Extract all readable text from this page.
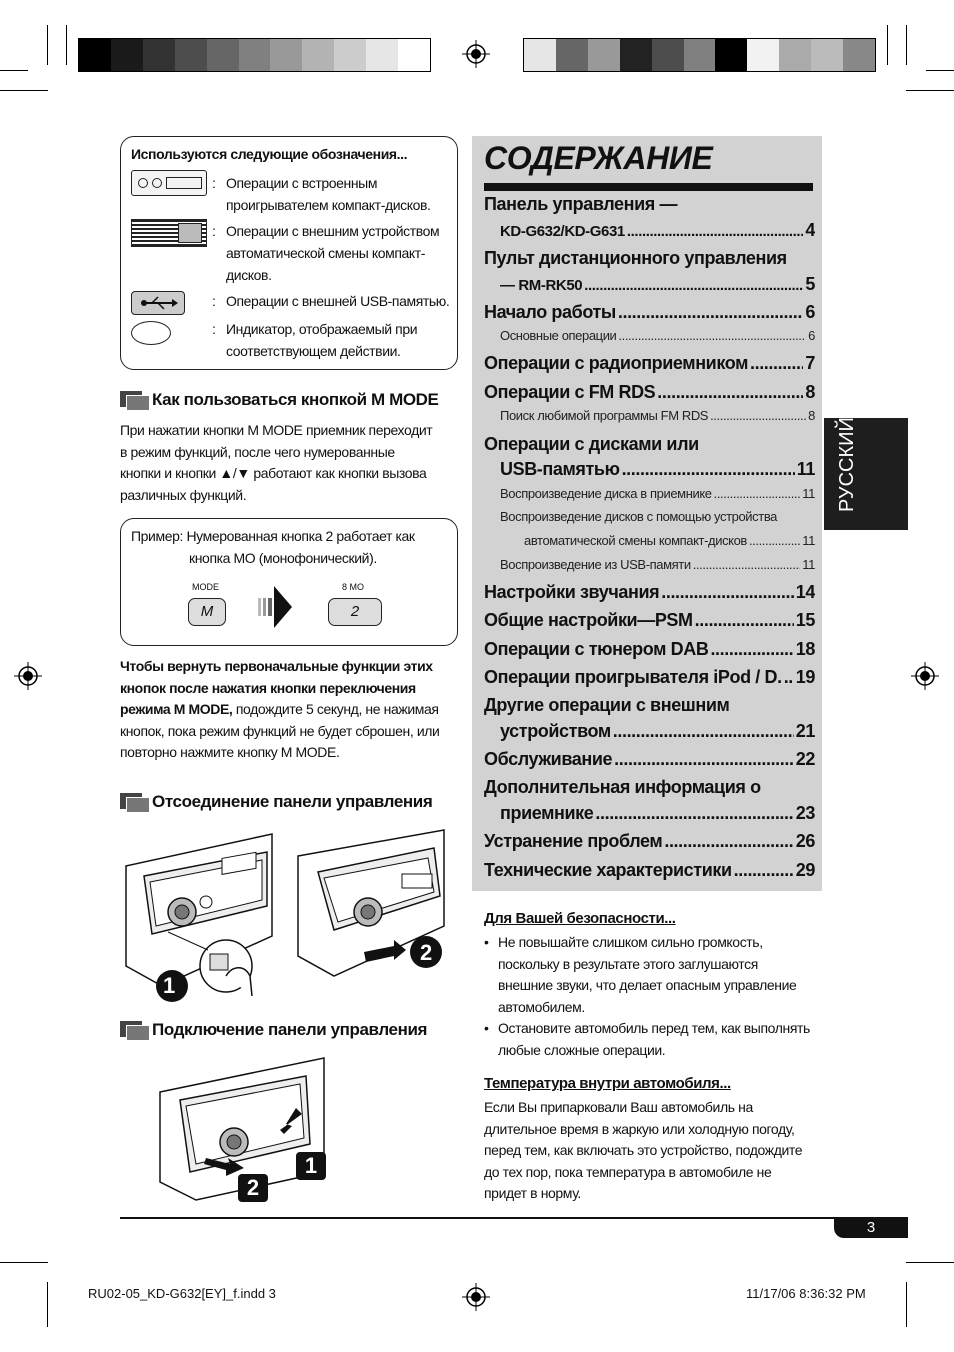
Используются следующие обозначения...
: Операции с встроенным
проигрывателем компакт-дисков.
: Операции с внешним устройством
автоматической смены компакт-
дисков.
: Операции с внешней USB-памятью.
: Индикатор, отображаемый при
соответствующем действии.
Как пользоваться кнопкой M MODE
При нажатии кнопки M MODE приемник переходит
в режим функций, после чего нумерованные
кнопки и кнопки ▲/▼ работают как кнопки вызова
различных функций.
Пример: Нумерованная кнопка 2 работает как
кнопка MO (монофонический).
MODE
M
8 MO
2
Чтобы вернуть первоначальные функции этих
кнопок после нажатия кнопки переключения
режима M MODE, подождите 5 секунд, не нажимая
кнопок, пока режим функций не будет сброшен, или
повторно нажмите кнопку M MODE.
Отсоединение панели управления
1
2
Подключение панели управления
1
2
СОДЕРЖАНИЕ
Панель управления —
KD-G632/KD-G631 .....	4
Пульт дистанционного управления
— RM-RK50 .....	5
Начало работы .....	6
Основные операции .....	6
Операции с радиоприемником .....	7
Операции с FM RDS .....	8
Поиск любимой программы FM RDS .....	8
Операции с дисками или
USB-памятью .....	11
Воспроизведение диска в приемнике .....	11
Воспроизведение дисков с помощью устройства
автоматической смены компакт-дисков .....	11
Воспроизведение из USB-памяти .....	11
Настройки звучания .....	14
Общие настройки—PSM .....	15
Операции с тюнером DAB .....	18
Операции проигрывателя iPod / D. ..... 19
Другие операции с внешним
устройством .....	21
Обслуживание .....	22
Дополнительная информация о
приемнике .....	23
Устранение проблем .....	26
Технические характеристики .....	29
РУССКИЙ
Для Вашей безопасности...
• Не повышайте слишком сильно громкость,
поскольку в результате этого заглушаются
внешние звуки, что делает опасным управление
автомобилем.
• Остановите автомобиль перед тем, как выполнять
любые сложные операции.
Температура внутри автомобиля...
Если Вы припарковали Ваш автомобиль на
длительное время в жаркую или холодную погоду,
перед тем, как включать это устройство, подождите
до тех пор, пока температура в автомобиле не
придет в норму.
3
RU02-05_KD-G632[EY]_f.indd 3	11/17/06 8:36:32 PM
